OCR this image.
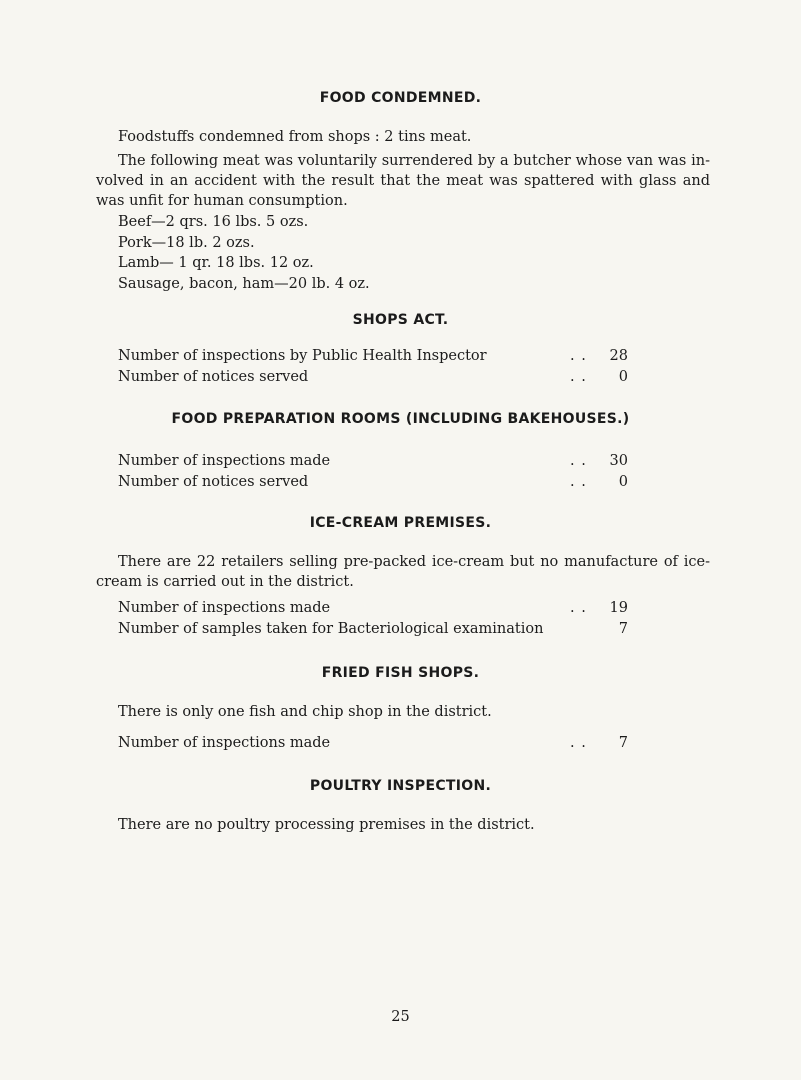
FOOD CONDEMNED.
Foodstuffs condemned from shops : 2 tins meat.
The following meat was voluntarily surrendered by a butcher whose van was in- volved in an accident with the result that the meat was spattered with glass and was unfit for human consumption.
Beef—2 qrs. 16 lbs. 5 ozs.
Pork—18 lb. 2 ozs.
Lamb— 1 qr. 18 lbs. 12 oz.
Sausage, bacon, ham—20 lb. 4 oz.
SHOPS ACT.
Number of inspections by Public Health Inspector	. .	28
Number of notices served	. .	0
FOOD PREPARATION ROOMS (INCLUDING BAKEHOUSES.)
Number of inspections made	. .	30
Number of notices served	. .	0
ICE-CREAM PREMISES.
There are 22 retailers selling pre-packed ice-cream but no manufacture of ice-cream is carried out in the district.
Number of inspections made	. .	19
Number of samples taken for Bacteriological examination	7
FRIED FISH SHOPS.
There is only one fish and chip shop in the district.
Number of inspections made	. .	7
POULTRY INSPECTION.
There are no poultry processing premises in the district.
25
